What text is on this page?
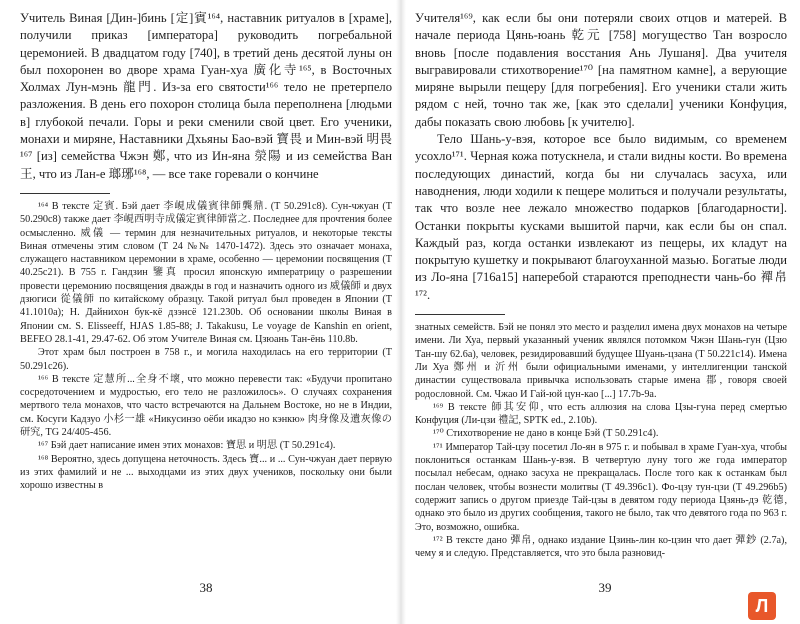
Учитель Виная [Дин-]бинь [定]賓¹⁶⁴, наставник ритуалов в [храме], получили приказ [императора] руководить погребальной церемонией. В двадцатом году [740], в третий день десятой луны он был похоронен во дворе храма Гуан-хуа 廣化寺¹⁶⁵, в Восточных Холмах Лун-мэнь 龍門. Из-за его святости¹⁶⁶ тело не претерпело разложения. В день его похорон столица была переполнена [людьми в] глубокой печали. Горы и реки сменили свой цвет. Его ученики, монахи и миряне, Наставники Дхьяны Бао-вэй 寶畏 и Мин-вэй 明畏¹⁶⁷ [из] семейства Чжэн 鄭, что из Ин-яна 滎陽 и из семейства Ван 王, что из Лан-е 瑯琊¹⁶⁸, — все таке горевали о кончине

¹⁶⁴ В тексте 定賓. Бэй дает 李峴成儀賓律師龔鼎. (Т 50.291с8). Сун-чжуан (Т 50.290с8) также дает 李峴西明寺成儀定賓律師當之. Последнее для прочтения более осмысленно. 威儀 — термин для незначительных ритуалов, и некоторые тексты Виная отмечены этим словом (Т 24 №№ 1470-1472). Здесь это означает монаха, служащего наставником церемонии в храме, особенно — церемонии посвящения (Т 40.25с21). В 755 г. Гандзин 鑒真 просил японскую императрицу о разрешении провести церемонию посвящения дважды в год и назначить одного из 威儀師 и двух дзюгиси 從儀師 по китайскому образцу. Такой ритуал был проведен в Японии (Т 41.1010а); Н. Дайнихон бук-кё дзэнсё 121.230b. Об основании школы Виная в Японии см. S. Elisseeff, HJAS 1.85-88; J. Takakusu, Le voyage de Kanshin en orient, BEFEO 28.1-41, 29.47-62. Об этом Учителе Виная см. Цзюань Тан-ёнь 110.8b.

Этот храм был построен в 758 г., и могила находилась на его территории (Т 50.291с26).

¹⁶⁶ В тексте 定慧所...全身不壞, что можно перевести так: «Будучи пропитано сосредоточением и мудростью, его тело не разложилось». О случаях сохранения мертвого тела монахов, что часто встречаются на Дальнем Востоке, но не в Индии, см. Косуги Кадзуо 小杉一雄 «Никусинзо оёби икадзо но кэнкю» 肉身像及遺灰像の研究, TG 24/405-456.

¹⁶⁷ Бэй дает написание имен этих монахов: 寶思 и 明思 (Т 50.291с4).

¹⁶⁸ Вероятно, здесь допущена неточность. Здесь 寶... и ... Сун-чжуан дает первую из этих фамилий и не ... выходцами из этих двух учеников, поскольку они были хорошо известны в

38

Учителя¹⁶⁹, как если бы они потеряли своих отцов и матерей. В начале периода Цянь-юань 乾元 [758] могущество Тан возросло вновь [после подавления восстания Ань Лушаня]. Два учителя выгравировали стихотворение¹⁷⁰ [на памятном камне], а верующие миряне вырыли пещеру [для погребения]. Его ученики стали жить рядом с ней, точно так же, [как это сделали] ученики Конфуция, дабы показать свою любовь [к учителю].

Тело Шань-у-вэя, которое все было видимым, со временем усохло¹⁷¹. Черная кожа потускнела, и стали видны кости. Во времена последующих династий, когда бы ни случалась засуха, или наводнения, люди ходили к пещере молиться и получали результаты, так что возле нее лежало множество подарков [благодарности]. Останки покрыты кусками вышитой парчи, как если бы он спал. Каждый раз, когда останки извлекают из пещеры, их кладут на покрытую кушетку и покрывают благоуханной мазью. Богатые люди из Ло-яна [716а15] наперебой стараются преподнести чань-бо 襌帛¹⁷².

знатных семейств. Бэй не понял это место и разделил имена двух монахов на четыре имени. Ли Хуа, первый указанный ученик являлся потомком Чжэн Шань-гун (Цзю Тан-шу 62.6а), человек, резидировавший будущее Шуань-цзана (Т 50.221с14). Имена Ли Хуа 鄭州 и 沂州 были официальными именами, у интеллигенции танской династии существовала привычка использовать старые имена 郡, говоря своей родословной. См. Чжао И Гай-юй цун-као [...] 17.7b-9а.

¹⁶⁹ В тексте 師其安仰, что есть аллюзия на слова Цзы-гуна перед смертью Конфуция (Ли-цзи 禮記, SPTK ed., 2.10b).

¹⁷⁰ Стихотворение не дано в конце Бэй (Т 50.291с4).

¹⁷¹ Император Тай-цзу посетил Ло-ян в 975 г. и побывал в храме Гуан-хуа, чтобы поклониться останкам Шань-у-вэя. В четвертую луну того же года император посылал небесам, однако засуха не прекращалась. После того как к останкам был послан человек, чтобы вознести молитвы (Т 49.396с1). Фо-цзу тун-цзи (Т 49.296b5) содержит запись о другом приезде Тай-цзы в девятом году периода Цзянь-дэ 乾德, однако это было из других сообщения, такого не было, так что девятого года по 963 г. Это, возможно, ошибка.

¹⁷² В тексте дано 彈帛, однако издание Цзинь-лин ко-цзин что дает 彈鈔 (2.7а), чему я и следую. Представляется, что это была разновид-

39
Л
